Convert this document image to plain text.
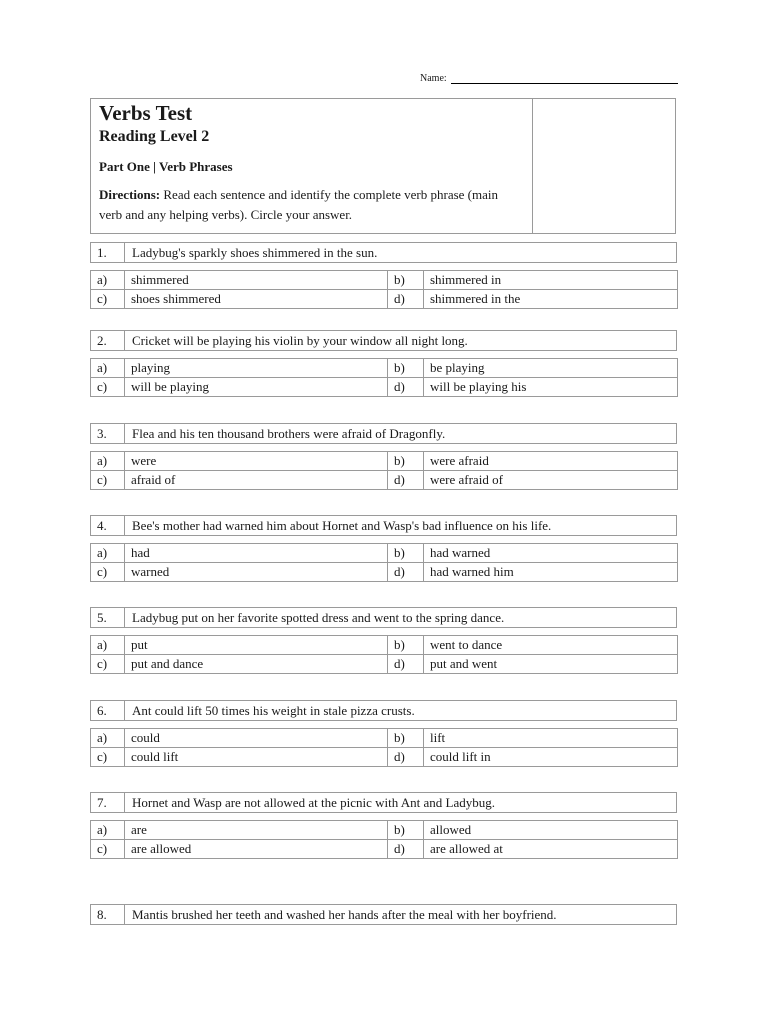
Name:
Verbs Test
Reading Level 2
Part One | Verb Phrases

Directions: Read each sentence and identify the complete verb phrase (main verb and any helping verbs). Circle your answer.

1.	Ladybug's sparkly shoes shimmered in the sun.
a)	shimmered	b)	shimmered in
c)	shoes shimmered	d)	shimmered in the
2.	Cricket will be playing his violin by your window all night long.
a)	playing	b)	be playing
c)	will be playing	d)	will be playing his
3.	Flea and his ten thousand brothers were afraid of Dragonfly.
a)	were	b)	were afraid
c)	afraid of	d)	were afraid of
4.	Bee's mother had warned him about Hornet and Wasp's bad influence on his life.
a)	had	b)	had warned
c)	warned	d)	had warned him
5.	Ladybug put on her favorite spotted dress and went to the spring dance.
a)	put	b)	went to dance
c)	put and dance	d)	put and went
6.	Ant could lift 50 times his weight in stale pizza crusts.
a)	could	b)	lift
c)	could lift	d)	could lift in
7.	Hornet and Wasp are not allowed at the picnic with Ant and Ladybug.
a)	are	b)	allowed
c)	are allowed	d)	are allowed at
8.	Mantis brushed her teeth and washed her hands after the meal with her boyfriend.
